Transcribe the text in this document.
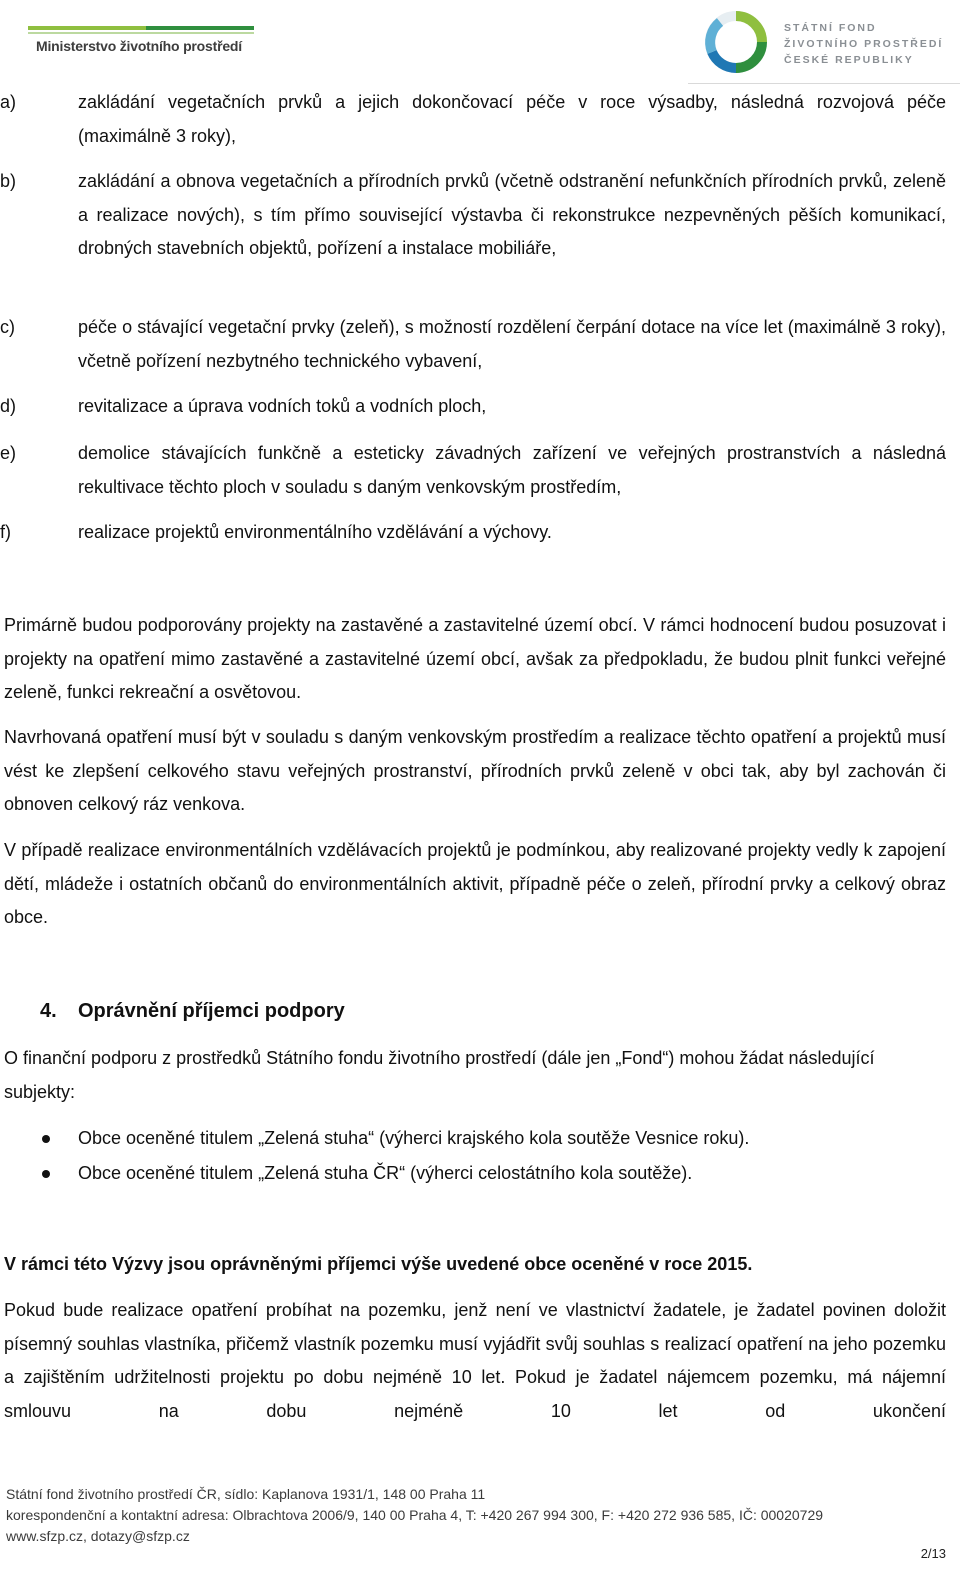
Ministerstvo životního prostředí
STÁTNÍ FOND
ŽIVOTNÍHO PROSTŘEDÍ
ČESKÉ REPUBLIKY
a)	zakládání vegetačních prvků a jejich dokončovací péče v roce výsadby, následná rozvojová péče (maximálně 3 roky),
b)	zakládání a obnova vegetačních a přírodních prvků (včetně odstranění nefunkčních přírodních prvků, zeleně a realizace nových), s tím přímo související výstavba či rekonstrukce nezpevněných pěších komunikací, drobných stavebních objektů, pořízení a instalace mobiliáře,
c)	péče o stávající vegetační prvky (zeleň), s možností rozdělení čerpání dotace na více let (maximálně 3 roky), včetně pořízení nezbytného technického vybavení,
d)	revitalizace a úprava vodních toků a vodních ploch,
e)	demolice stávajících funkčně a esteticky závadných zařízení ve veřejných prostranstvích a následná rekultivace těchto ploch v souladu s daným venkovským prostředím,
f)	realizace projektů environmentálního vzdělávání a výchovy.
Primárně budou podporovány projekty na zastavěné a zastavitelné území obcí. V rámci hodnocení budou posuzovat i projekty na opatření mimo zastavěné a zastavitelné území obcí, avšak za předpokladu, že budou plnit funkci veřejné zeleně, funkci rekreační a osvětovou.
Navrhovaná opatření musí být v souladu s daným venkovským prostředím a realizace těchto opatření a projektů musí vést ke zlepšení celkového stavu veřejných prostranství, přírodních prvků zeleně v obci tak, aby byl zachován či obnoven celkový ráz venkova.
V případě realizace environmentálních vzdělávacích projektů je podmínkou, aby realizované projekty vedly k zapojení dětí, mládeže i ostatních občanů do environmentálních aktivit, případně péče o zeleň, přírodní prvky a celkový obraz obce.
4. Oprávnění příjemci podpory
O finanční podporu z prostředků Státního fondu životního prostředí (dále jen „Fond“) mohou žádat následující subjekty:
Obce oceněné titulem „Zelená stuha“ (výherci krajského kola soutěže Vesnice roku).
Obce oceněné titulem „Zelená stuha ČR“ (výherci celostátního kola soutěže).
V rámci této Výzvy jsou oprávněnými příjemci výše uvedené obce oceněné v roce 2015.
Pokud bude realizace opatření probíhat na pozemku, jenž není ve vlastnictví žadatele, je žadatel povinen doložit písemný souhlas vlastníka, přičemž vlastník pozemku musí vyjádřit svůj souhlas s realizací opatření na jeho pozemku a zajištěním udržitelnosti projektu po dobu nejméně 10 let. Pokud je žadatel nájemcem pozemku, má nájemní smlouvu na dobu nejméně 10 let od ukončení
Státní fond životního prostředí ČR, sídlo: Kaplanova 1931/1, 148 00 Praha 11
korespondenční a kontaktní adresa: Olbrachtova 2006/9, 140 00 Praha 4, T: +420 267 994 300, F: +420 272 936 585, IČ: 00020729
www.sfzp.cz, dotazy@sfzp.cz
2/13
